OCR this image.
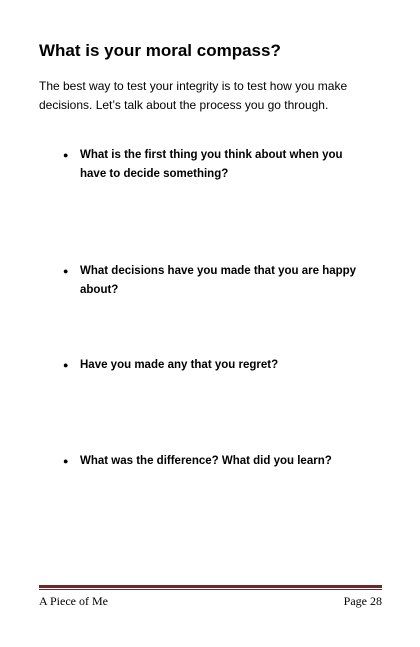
What is your moral compass?

The best way to test your integrity is to test how you make decisions. Let’s talk about the process you go through.

●	What is the first thing you think about when you have to decide something?
●	What decisions have you made that you are happy about?
●	Have you made any that you regret?
●	What was the difference? What did you learn?
A Piece of Me	Page 28
